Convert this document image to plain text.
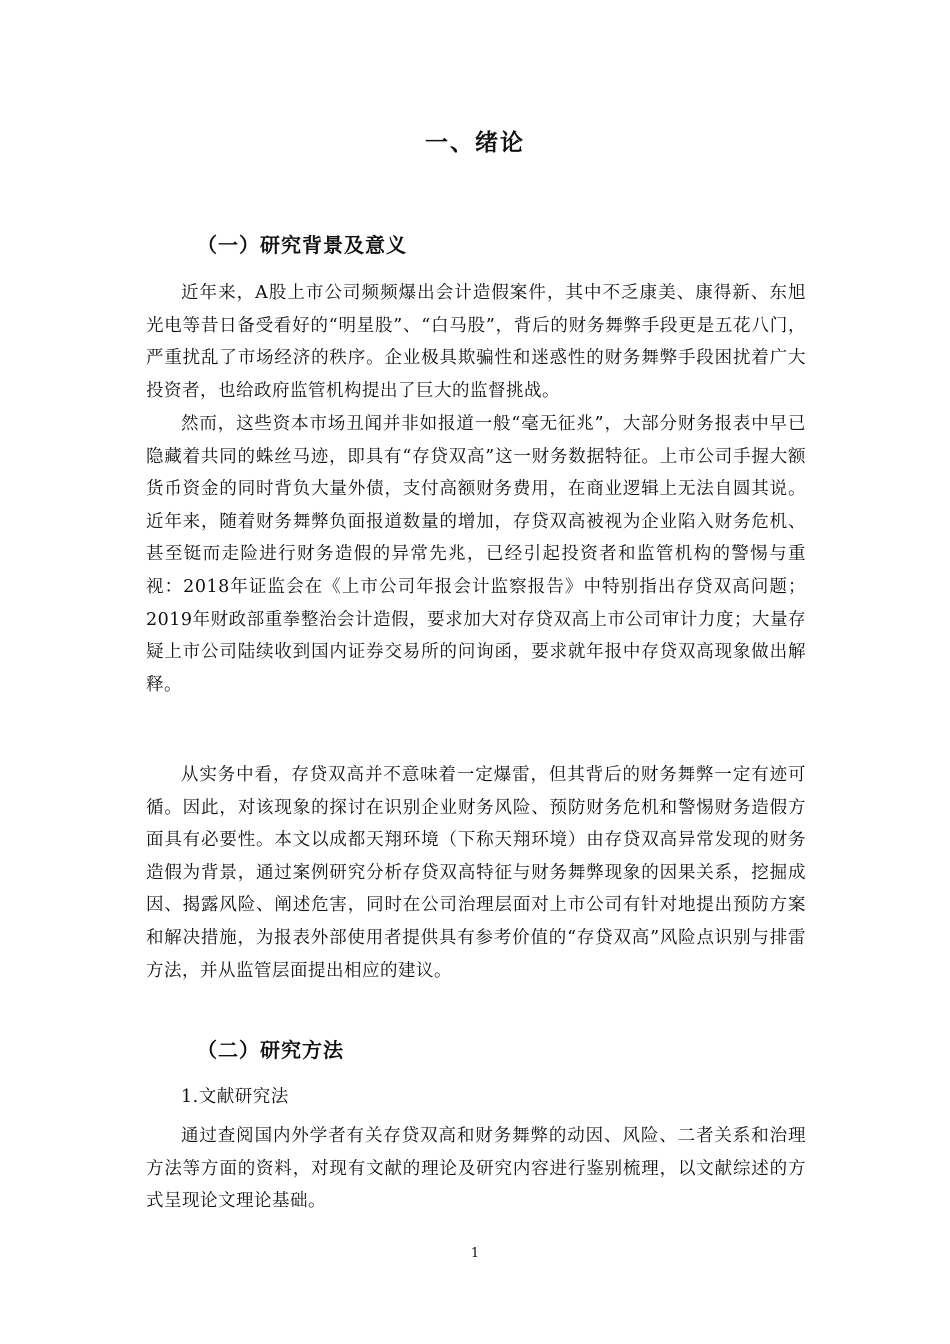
一、绪论
（一）研究背景及意义

近年来，A股上市公司频频爆出会计造假案件，其中不乏康美、康得新、东旭光电等昔日备受看好的“明星股”、“白马股”，背后的财务舞弊手段更是五花八门，严重扰乱了市场经济的秩序。企业极具欺骗性和迷惑性的财务舞弊手段困扰着广大投资者，也给政府监管机构提出了巨大的监督挑战。

然而，这些资本市场丑闻并非如报道一般“毫无征兆”，大部分财务报表中早已隐藏着共同的蛛丝马迹，即具有“存贷双高”这一财务数据特征。上市公司手握大额货币资金的同时背负大量外债，支付高额财务费用，在商业逻辑上无法自圆其说。近年来，随着财务舞弊负面报道数量的增加，存贷双高被视为企业陷入财务危机、甚至铤而走险进行财务造假的异常先兆，已经引起投资者和监管机构的警惕与重视：2018年证监会在《上市公司年报会计监察报告》中特别指出存贷双高问题；2019年财政部重拳整治会计造假，要求加大对存贷双高上市公司审计力度；大量存疑上市公司陆续收到国内证券交易所的问询函，要求就年报中存贷双高现象做出解释。

从实务中看，存贷双高并不意味着一定爆雷，但其背后的财务舞弊一定有迹可循。因此，对该现象的探讨在识别企业财务风险、预防财务危机和警惕财务造假方面具有必要性。本文以成都天翔环境（下称天翔环境）由存贷双高异常发现的财务造假为背景，通过案例研究分析存贷双高特征与财务舞弊现象的因果关系，挖掘成因、揭露风险、阐述危害，同时在公司治理层面对上市公司有针对地提出预防方案和解决措施，为报表外部使用者提供具有参考价值的“存贷双高”风险点识别与排雷方法，并从监管层面提出相应的建议。

（二）研究方法

1.文献研究法

通过查阅国内外学者有关存贷双高和财务舞弊的动因、风险、二者关系和治理方法等方面的资料，对现有文献的理论及研究内容进行鉴别梳理，以文献综述的方式呈现论文理论基础。

1
